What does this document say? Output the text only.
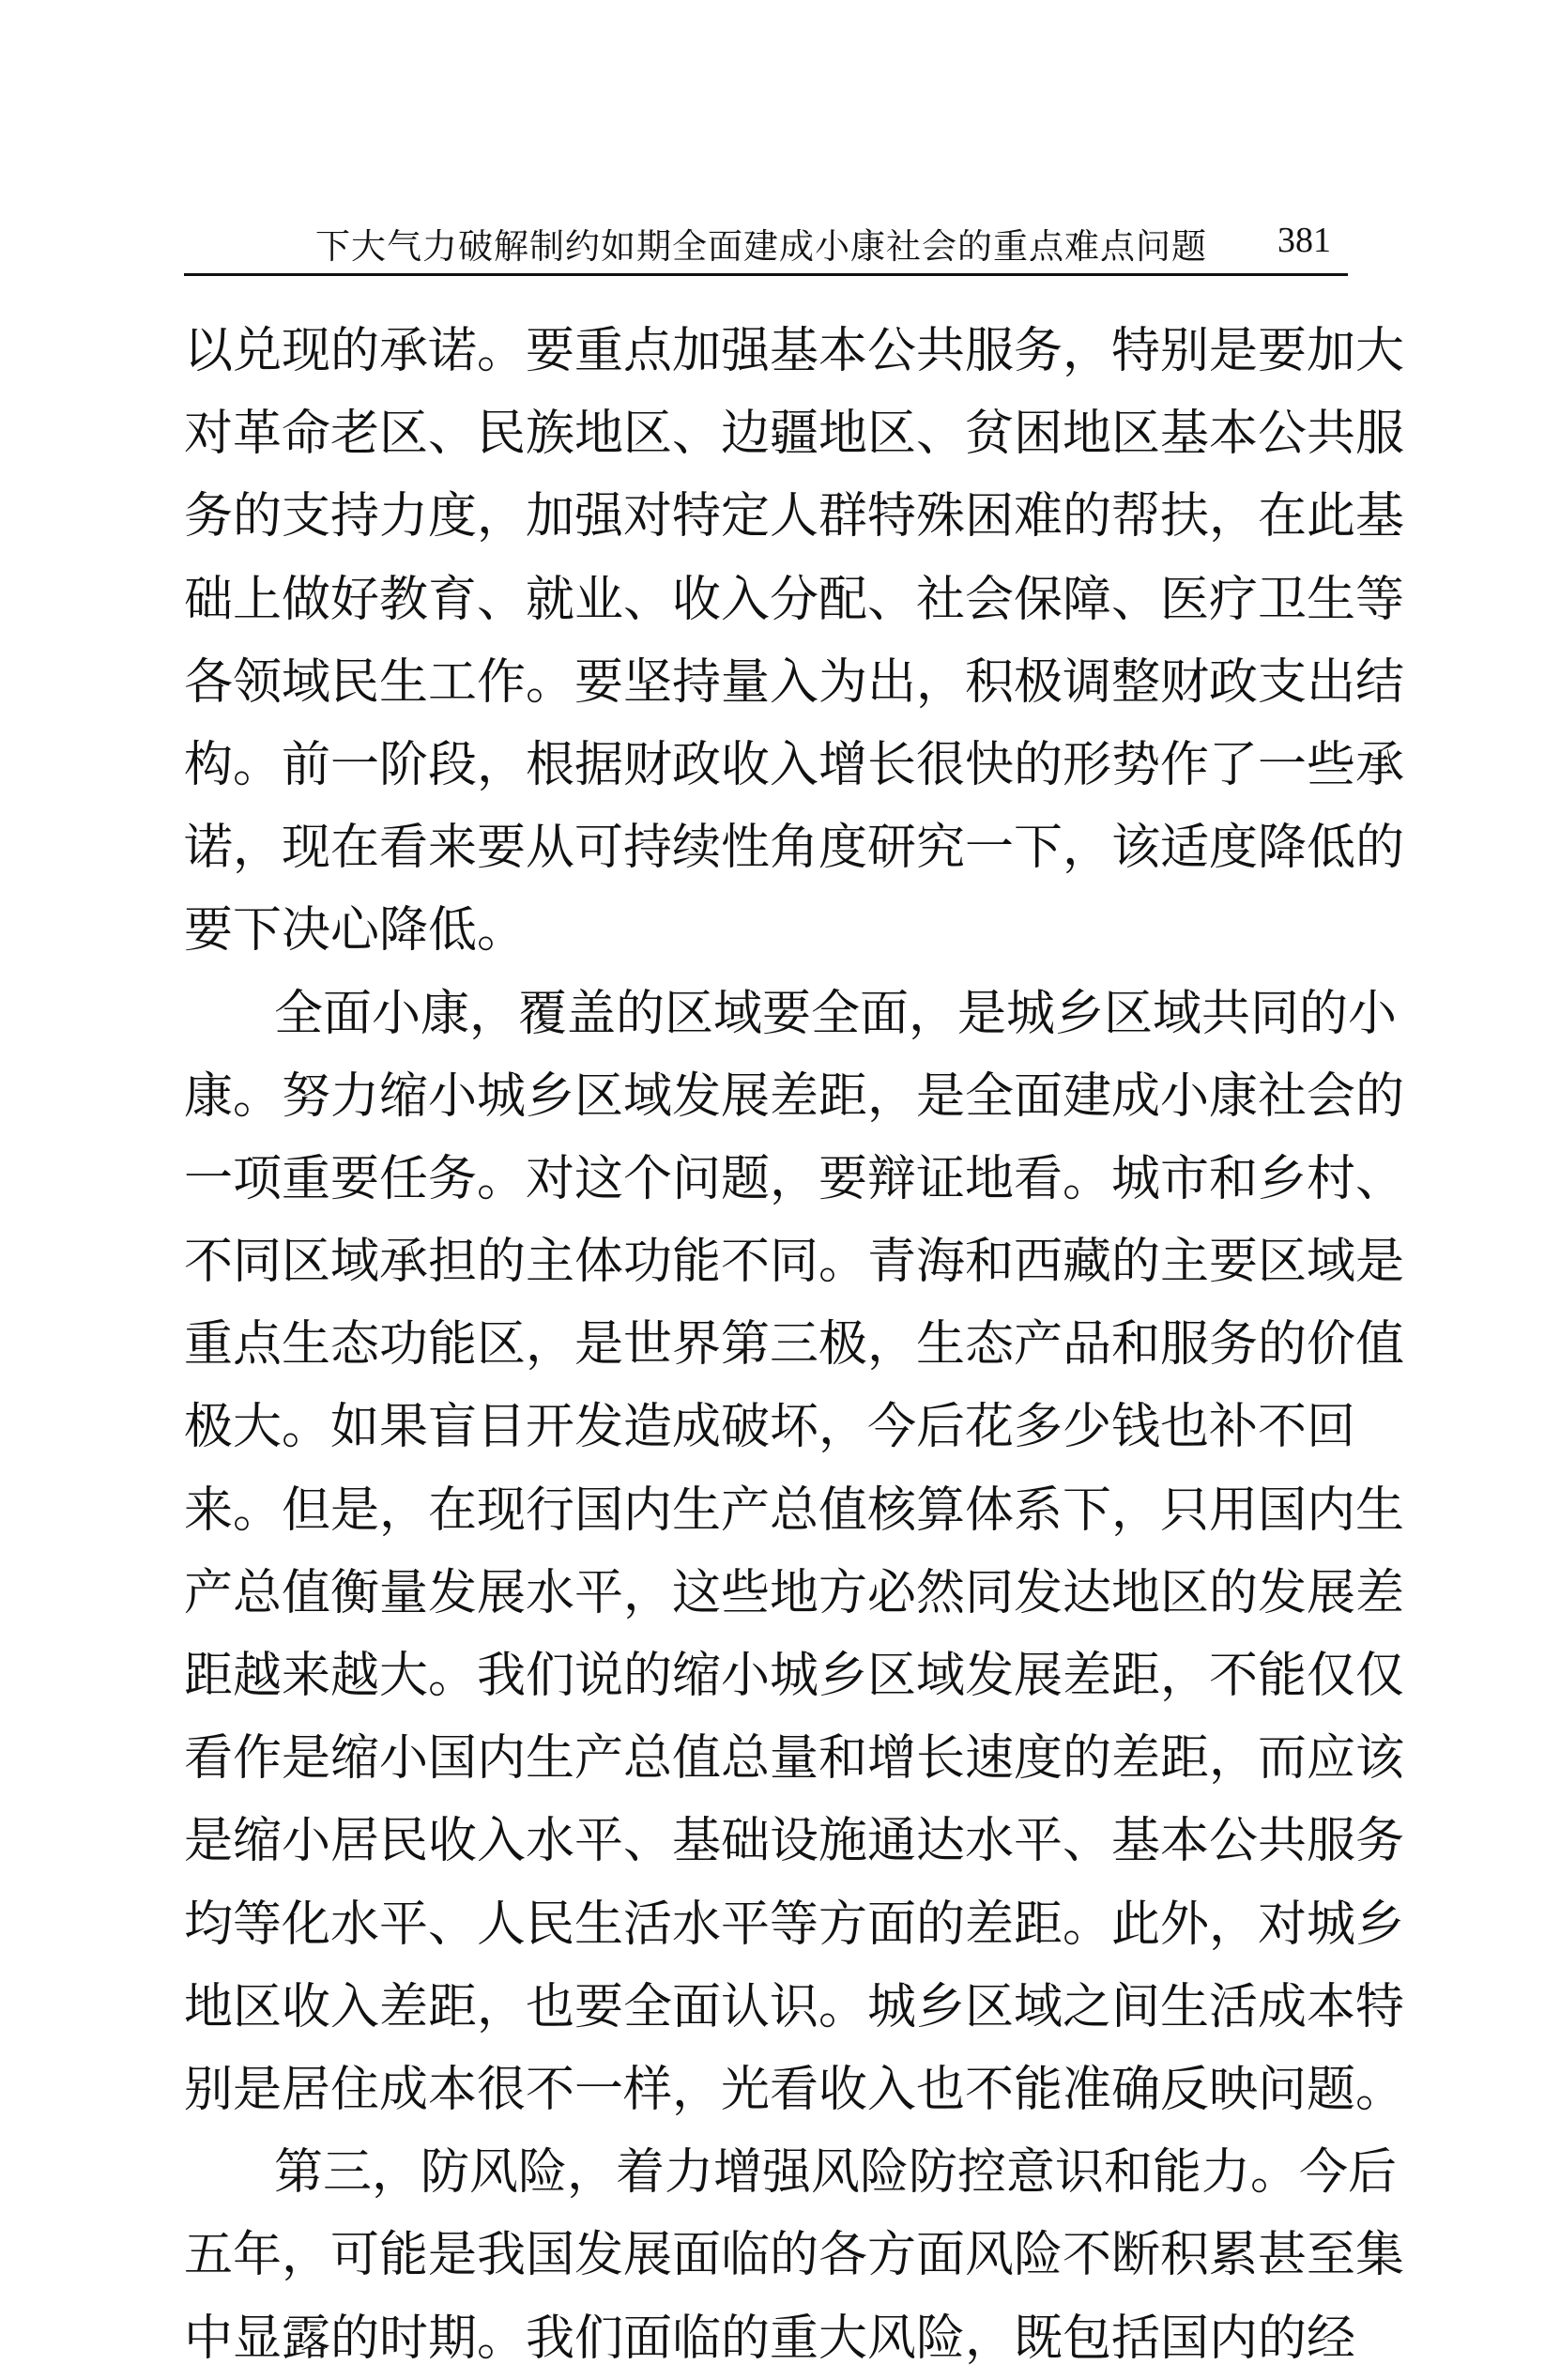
下大气力破解制约如期全面建成小康社会的重点难点问题 381
以兑现的承诺。要重点加强基本公共服务，特别是要加大
对革命老区、民族地区、边疆地区、贫困地区基本公共服
务的支持力度，加强对特定人群特殊困难的帮扶，在此基
础上做好教育、就业、收入分配、社会保障、医疗卫生等
各领域民生工作。要坚持量入为出，积极调整财政支出结
构。前一阶段，根据财政收入增长很快的形势作了一些承
诺，现在看来要从可持续性角度研究一下，该适度降低的
要下决心降低。
全面小康，覆盖的区域要全面，是城乡区域共同的小
康。努力缩小城乡区域发展差距，是全面建成小康社会的
一项重要任务。对这个问题，要辩证地看。城市和乡村、
不同区域承担的主体功能不同。青海和西藏的主要区域是
重点生态功能区，是世界第三极，生态产品和服务的价值
极大。如果盲目开发造成破坏，今后花多少钱也补不回
来。但是，在现行国内生产总值核算体系下，只用国内生
产总值衡量发展水平，这些地方必然同发达地区的发展差
距越来越大。我们说的缩小城乡区域发展差距，不能仅仅
看作是缩小国内生产总值总量和增长速度的差距，而应该
是缩小居民收入水平、基础设施通达水平、基本公共服务
均等化水平、人民生活水平等方面的差距。此外，对城乡
地区收入差距，也要全面认识。城乡区域之间生活成本特
别是居住成本很不一样，光看收入也不能准确反映问题。
第三，防风险，着力增强风险防控意识和能力。今后
五年，可能是我国发展面临的各方面风险不断积累甚至集
中显露的时期。我们面临的重大风险，既包括国内的经
